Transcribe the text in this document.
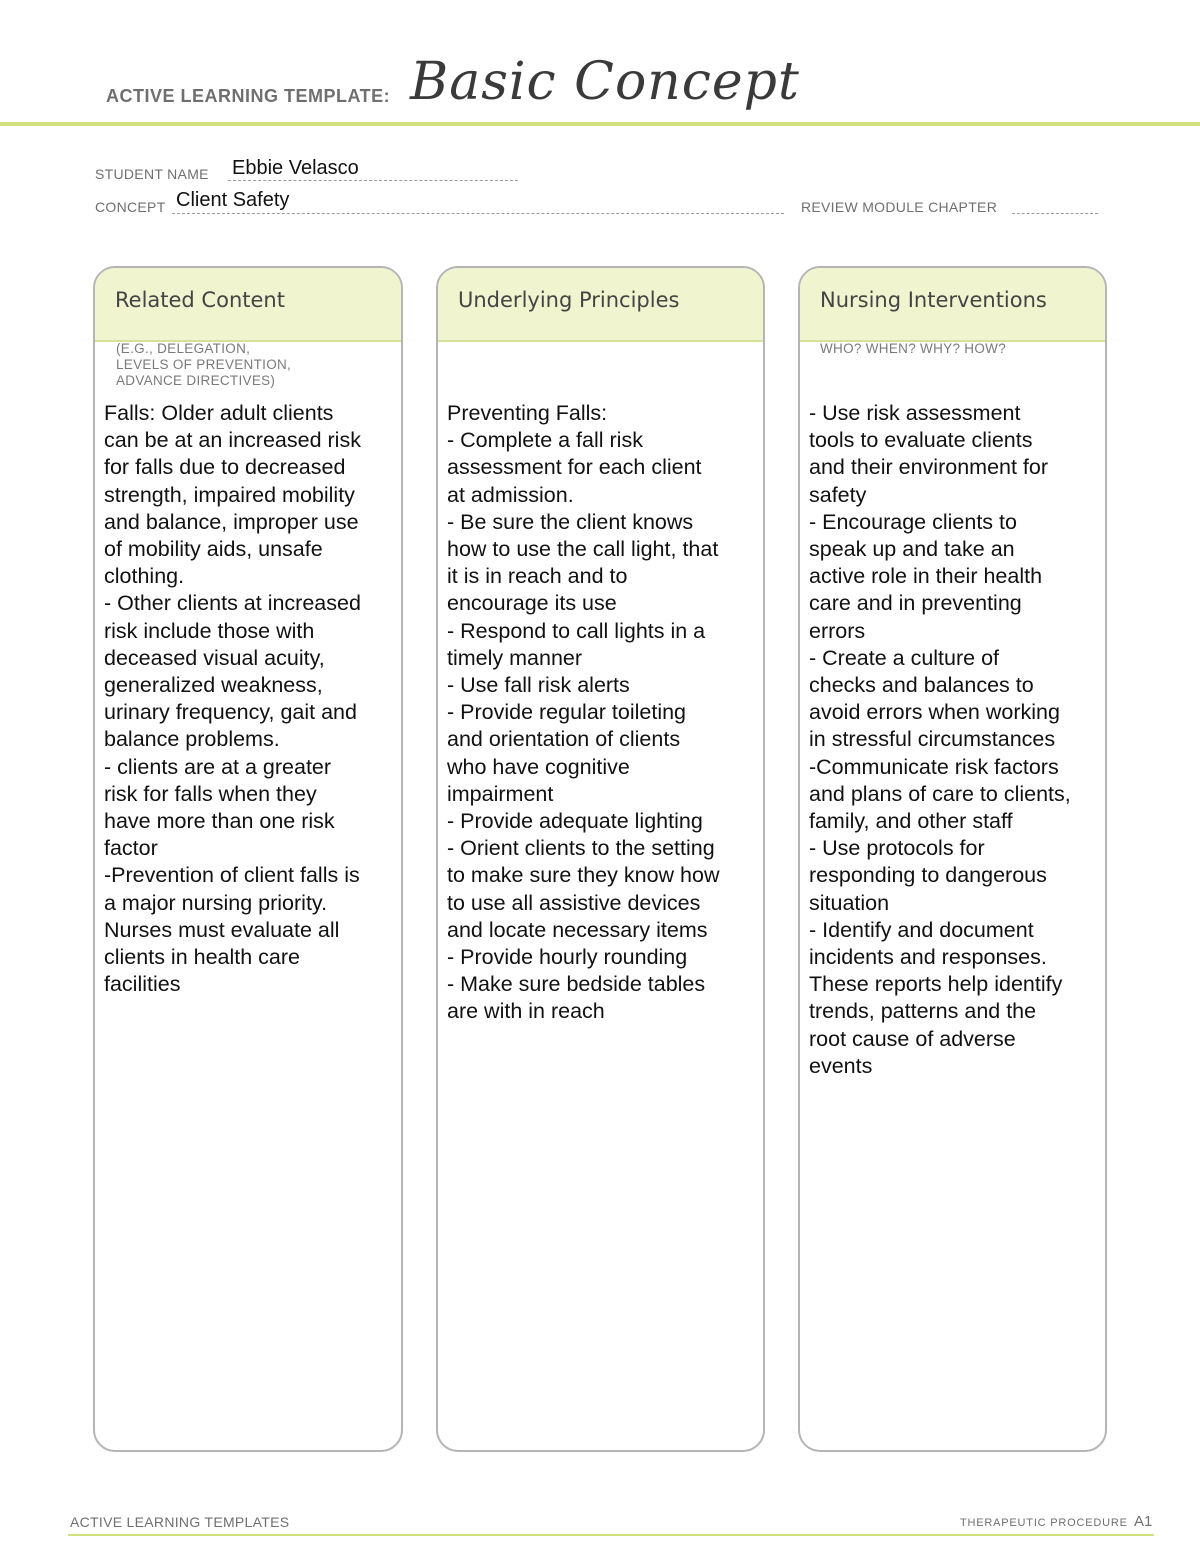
ACTIVE LEARNING TEMPLATE: Basic Concept
STUDENT NAME Ebbie Velasco
CONCEPT Client Safety	REVIEW MODULE CHAPTER
Related Content
(E.G., DELEGATION,
LEVELS OF PREVENTION,
ADVANCE DIRECTIVES)
Falls: Older adult clients
can be at an increased risk
for falls due to decreased
strength, impaired mobility
and balance, improper use
of mobility aids, unsafe
clothing.
- Other clients at increased
risk include those with
deceased visual acuity,
generalized weakness,
urinary frequency, gait and
balance problems.
- clients are at a greater
risk for falls when they
have more than one risk
factor
-Prevention of client falls is
a major nursing priority.
Nurses must evaluate all
clients in health care
facilities
Underlying Principles
Preventing Falls:
- Complete a fall risk
assessment for each client
at admission.
- Be sure the client knows
how to use the call light, that
it is in reach and to
encourage its use
- Respond to call lights in a
timely manner
- Use fall risk alerts
- Provide regular toileting
and orientation of clients
who have cognitive
impairment
- Provide adequate lighting
- Orient clients to the setting
to make sure they know how
to use all assistive devices
and locate necessary items
- Provide hourly rounding
- Make sure bedside tables
are with in reach
Nursing Interventions
WHO? WHEN? WHY? HOW?
- Use risk assessment
tools to evaluate clients
and their environment for
safety
- Encourage clients to
speak up and take an
active role in their health
care and in preventing
errors
- Create a culture of
checks and balances to
avoid errors when working
in stressful circumstances
-Communicate risk factors
and plans of care to clients,
family, and other staff
- Use protocols for
responding to dangerous
situation
- Identify and document
incidents and responses.
These reports help identify
trends, patterns and the
root cause of adverse
events
ACTIVE LEARNING TEMPLATES	THERAPEUTIC PROCEDURE A1
